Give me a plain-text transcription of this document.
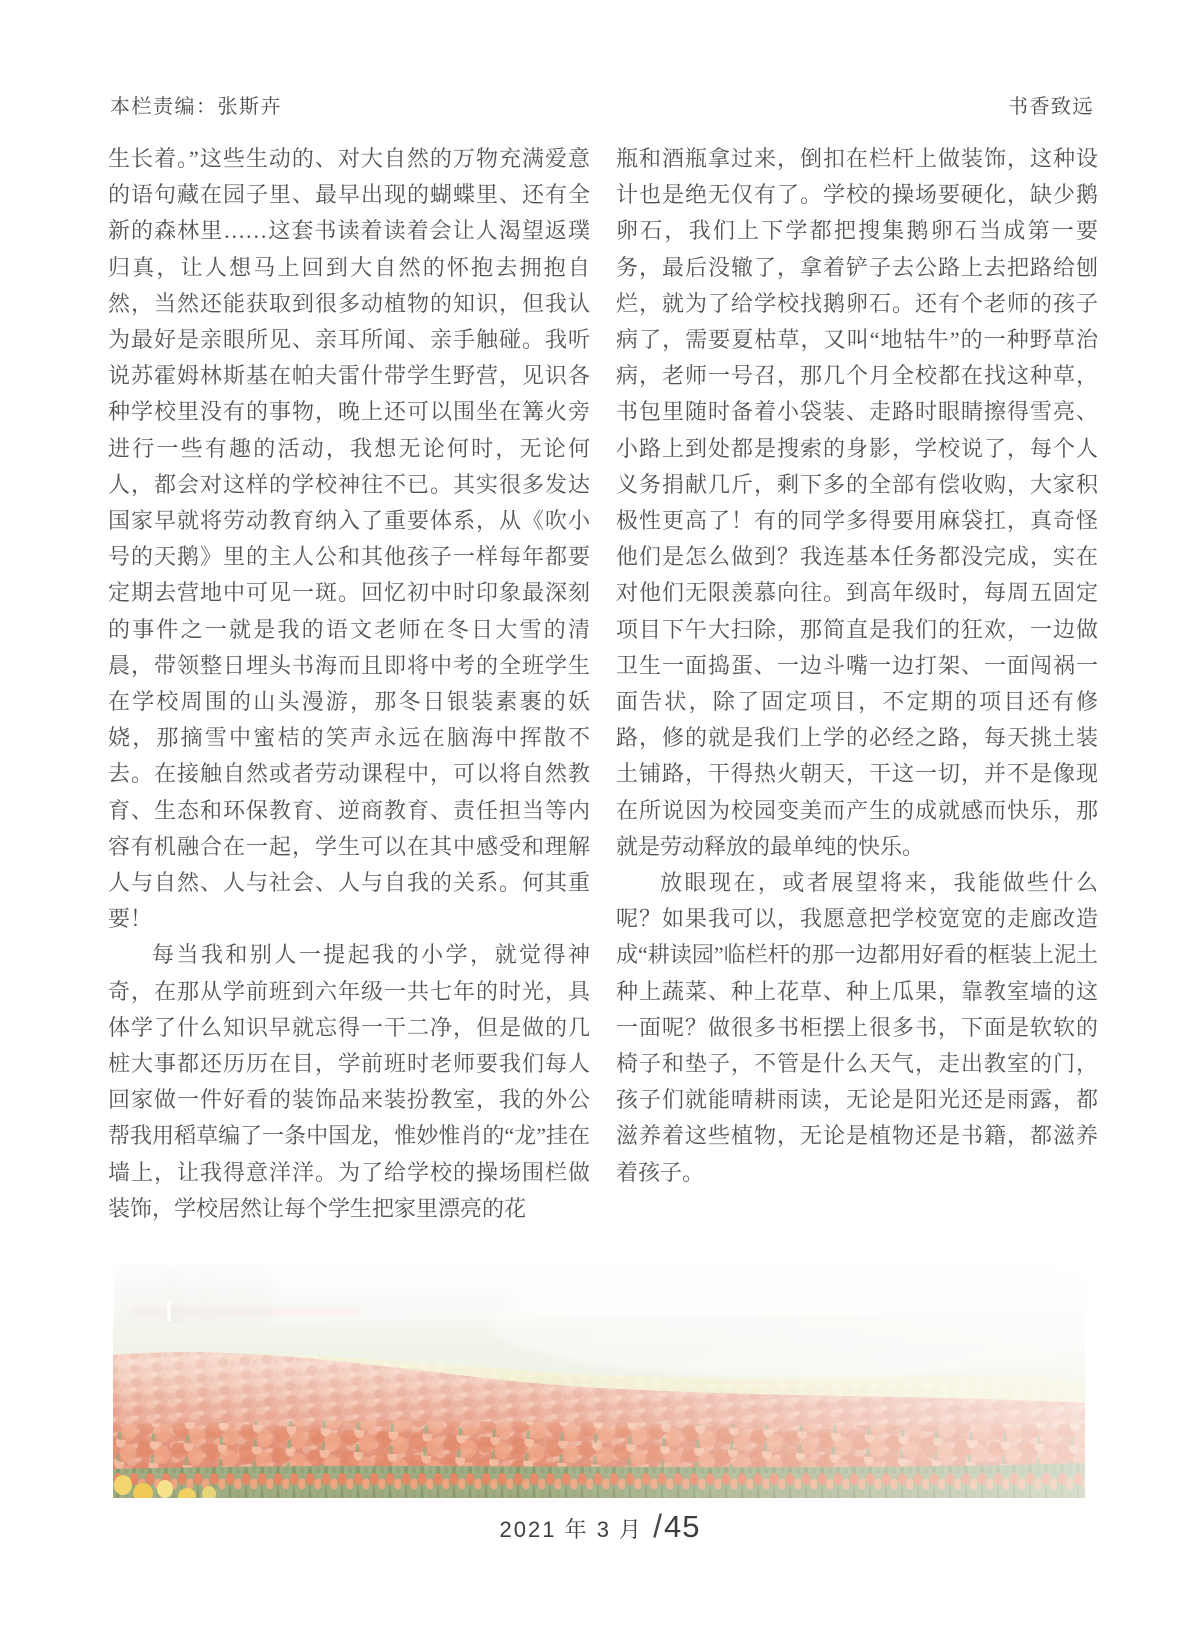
本栏责编：张斯卉	书香致远

生长着。”这些生动的、对大自然的万物充满爱意的语句藏在园子里、最早出现的蝴蝶里、还有全新的森林里……这套书读着读着会让人渴望返璞归真，让人想马上回到大自然的怀抱去拥抱自然，当然还能获取到很多动植物的知识，但我认为最好是亲眼所见、亲耳所闻、亲手触碰。我听说苏霍姆林斯基在帕夫雷什带学生野营，见识各种学校里没有的事物，晚上还可以围坐在篝火旁进行一些有趣的活动，我想无论何时，无论何人，都会对这样的学校神往不已。其实很多发达国家早就将劳动教育纳入了重要体系，从《吹小号的天鹅》里的主人公和其他孩子一样每年都要定期去营地中可见一斑。回忆初中时印象最深刻的事件之一就是我的语文老师在冬日大雪的清晨，带领整日埋头书海而且即将中考的全班学生在学校周围的山头漫游，那冬日银装素裹的妖娆，那摘雪中蜜桔的笑声永远在脑海中挥散不去。在接触自然或者劳动课程中，可以将自然教育、生态和环保教育、逆商教育、责任担当等内容有机融合在一起，学生可以在其中感受和理解人与自然、人与社会、人与自我的关系。何其重要！

每当我和别人一提起我的小学，就觉得神奇，在那从学前班到六年级一共七年的时光，具体学了什么知识早就忘得一干二净，但是做的几桩大事都还历历在目，学前班时老师要我们每人回家做一件好看的装饰品来装扮教室，我的外公帮我用稻草编了一条中国龙，惟妙惟肖的“龙”挂在墙上，让我得意洋洋。为了给学校的操场围栏做装饰，学校居然让每个学生把家里漂亮的花

瓶和酒瓶拿过来，倒扣在栏杆上做装饰，这种设计也是绝无仅有了。学校的操场要硬化，缺少鹅卵石，我们上下学都把搜集鹅卵石当成第一要务，最后没辙了，拿着铲子去公路上去把路给刨烂，就为了给学校找鹅卵石。还有个老师的孩子病了，需要夏枯草，又叫“地牯牛”的一种野草治病，老师一号召，那几个月全校都在找这种草，书包里随时备着小袋装、走路时眼睛擦得雪亮、小路上到处都是搜索的身影，学校说了，每个人义务捐献几斤，剩下多的全部有偿收购，大家积极性更高了！有的同学多得要用麻袋扛，真奇怪他们是怎么做到？我连基本任务都没完成，实在对他们无限羡慕向往。到高年级时，每周五固定项目下午大扫除，那简直是我们的狂欢，一边做卫生一面捣蛋、一边斗嘴一边打架、一面闯祸一面告状，除了固定项目，不定期的项目还有修路，修的就是我们上学的必经之路，每天挑土装土铺路，干得热火朝天，干这一切，并不是像现在所说因为校园变美而产生的成就感而快乐，那就是劳动释放的最单纯的快乐。

放眼现在，或者展望将来，我能做些什么呢？如果我可以，我愿意把学校宽宽的走廊改造成“耕读园”临栏杆的那一边都用好看的框装上泥土种上蔬菜、种上花草、种上瓜果，靠教室墙的这一面呢？做很多书柜摆上很多书，下面是软软的椅子和垫子，不管是什么天气，走出教室的门，孩子们就能晴耕雨读，无论是阳光还是雨露，都滋养着这些植物，无论是植物还是书籍，都滋养着孩子。

2021 年 3 月 / 45
